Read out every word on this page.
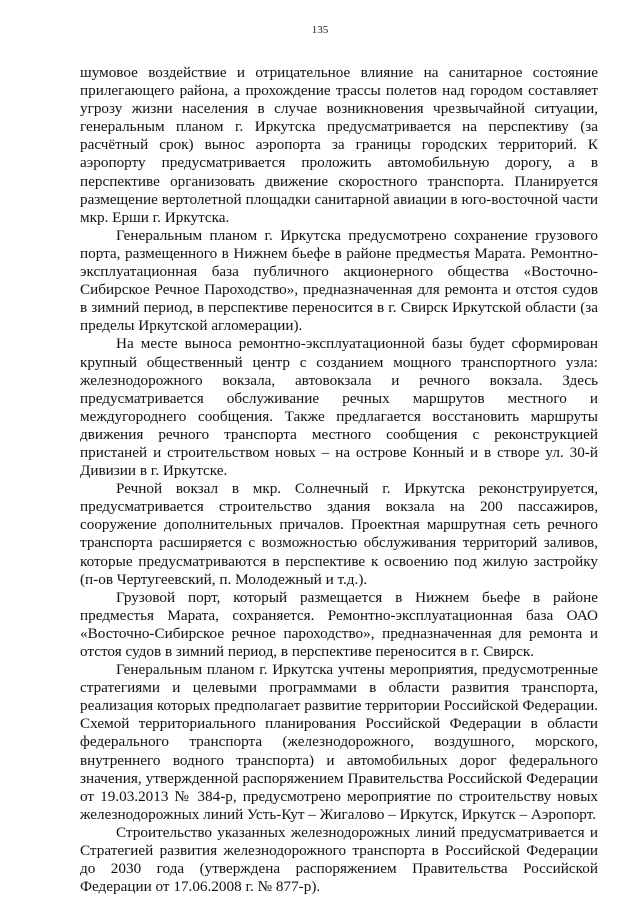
135

шумовое воздействие и отрицательное влияние на санитарное состояние прилегающего района, а прохождение трассы полетов над городом составляет угрозу жизни населения в случае возникновения чрезвычайной ситуации, генеральным планом г. Иркутска предусматривается на перспективу (за расчётный срок) вынос аэропорта за границы городских территорий. К аэропорту предусматривается проложить автомобильную дорогу, а в перспективе организовать движение скоростного транспорта. Планируется размещение вертолетной площадки санитарной авиации в юго-восточной части мкр. Ерши г. Иркутска.

Генеральным планом г. Иркутска предусмотрено сохранение грузового порта, размещенного в Нижнем бьефе в районе предместья Марата. Ремонтно-эксплуатационная база публичного акционерного общества «Восточно-Сибирское Речное Пароходство», предназначенная для ремонта и отстоя судов в зимний период, в перспективе переносится в г. Свирск Иркутской области (за пределы Иркутской агломерации).

На месте выноса ремонтно-эксплуатационной базы будет сформирован крупный общественный центр с созданием мощного транспортного узла: железнодорожного вокзала, автовокзала и речного вокзала. Здесь предусматривается обслуживание речных маршрутов местного и междугороднего сообщения. Также предлагается восстановить маршруты движения речного транспорта местного сообщения с реконструкцией пристаней и строительством новых – на острове Конный и в створе ул. 30-й Дивизии в г. Иркутске.

Речной вокзал в мкр. Солнечный г. Иркутска реконструируется, предусматривается строительство здания вокзала на 200 пассажиров, сооружение дополнительных причалов. Проектная маршрутная сеть речного транспорта расширяется с возможностью обслуживания территорий заливов, которые предусматриваются в перспективе к освоению под жилую застройку (п-ов Чертугеевский, п. Молодежный и т.д.).

Грузовой порт, который размещается в Нижнем бьефе в районе предместья Марата, сохраняется. Ремонтно-эксплуатационная база ОАО «Восточно-Сибирское речное пароходство», предназначенная для ремонта и отстоя судов в зимний период, в перспективе переносится в г. Свирск.

Генеральным планом г. Иркутска учтены мероприятия, предусмотренные стратегиями и целевыми программами в области развития транспорта, реализация которых предполагает развитие территории Российской Федерации. Схемой территориального планирования Российской Федерации в области федерального транспорта (железнодорожного, воздушного, морского, внутреннего водного транспорта) и автомобильных дорог федерального значения, утвержденной распоряжением Правительства Российской Федерации от 19.03.2013 № 384-р, предусмотрено мероприятие по строительству новых железнодорожных линий Усть-Кут – Жигалово – Иркутск, Иркутск – Аэропорт.

Строительство указанных железнодорожных линий предусматривается и Стратегией развития железнодорожного транспорта в Российской Федерации до 2030 года (утверждена распоряжением Правительства Российской Федерации от 17.06.2008 г. № 877-р).
